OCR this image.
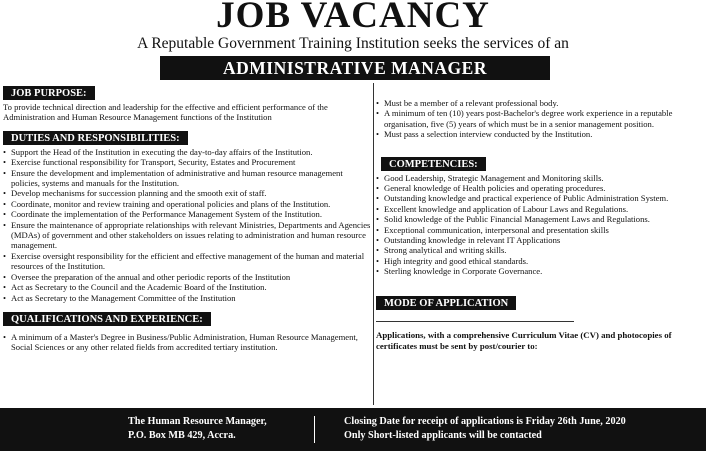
JOB VACANCY
A Reputable Government Training Institution seeks the services of an
ADMINISTRATIVE MANAGER
JOB PURPOSE:
To provide technical direction and leadership for the effective and efficient performance of the Administration and Human Resource Management functions of the Institution
DUTIES AND RESPONSIBILITIES:
• Support the Head of the Institution in executing the day-to-day affairs of the Institution.
• Exercise functional responsibility for Transport, Security, Estates and Procurement
• Ensure the development and implementation of administrative and human resource management policies, systems and manuals for the Institution.
• Develop mechanisms for succession planning and the smooth exit of staff.
• Coordinate, monitor and review training and operational policies and plans of the Institution.
• Coordinate the implementation of the Performance Management System of the Institution.
• Ensure the maintenance of appropriate relationships with relevant Ministries, Departments and Agencies (MDAs) of government and other stakeholders on issues relating to administration and human resource management.
• Exercise oversight responsibility for the efficient and effective management of the human and material resources of the Institution.
• Oversee the preparation of the annual and other periodic reports of the Institution
• Act as Secretary to the Council and the Academic Board of the Institution.
• Act as Secretary to the Management Committee of the Institution
QUALIFICATIONS AND EXPERIENCE:
• A minimum of a Master's Degree in Business/Public Administration, Human Resource Management, Social Sciences or any other related fields from accredited tertiary institution.
• Must be a member of a relevant professional body.
• A minimum of ten (10) years post-Bachelor's degree work experience in a reputable organisation, five (5) years of which must be in a senior management position.
• Must pass a selection interview conducted by the Institution.
COMPETENCIES:
• Good Leadership, Strategic Management and Monitoring skills.
• General knowledge of Health policies and operating procedures.
• Outstanding knowledge and practical experience of Public Administration System.
• Excellent knowledge and application of Labour Laws and Regulations.
• Solid knowledge of the Public Financial Management Laws and Regulations.
• Exceptional communication, interpersonal and presentation skills
• Outstanding knowledge in relevant IT Applications
• Strong analytical and writing skills.
• High integrity and good ethical standards.
• Sterling knowledge in Corporate Governance.
MODE OF APPLICATION
Applications, with a comprehensive Curriculum Vitae (CV) and photocopies of certificates must be sent by post/courier to:
The Human Resource Manager,
P.O. Box MB 429, Accra.
Closing Date for receipt of applications is Friday 26th June, 2020
Only Short-listed applicants will be contacted
